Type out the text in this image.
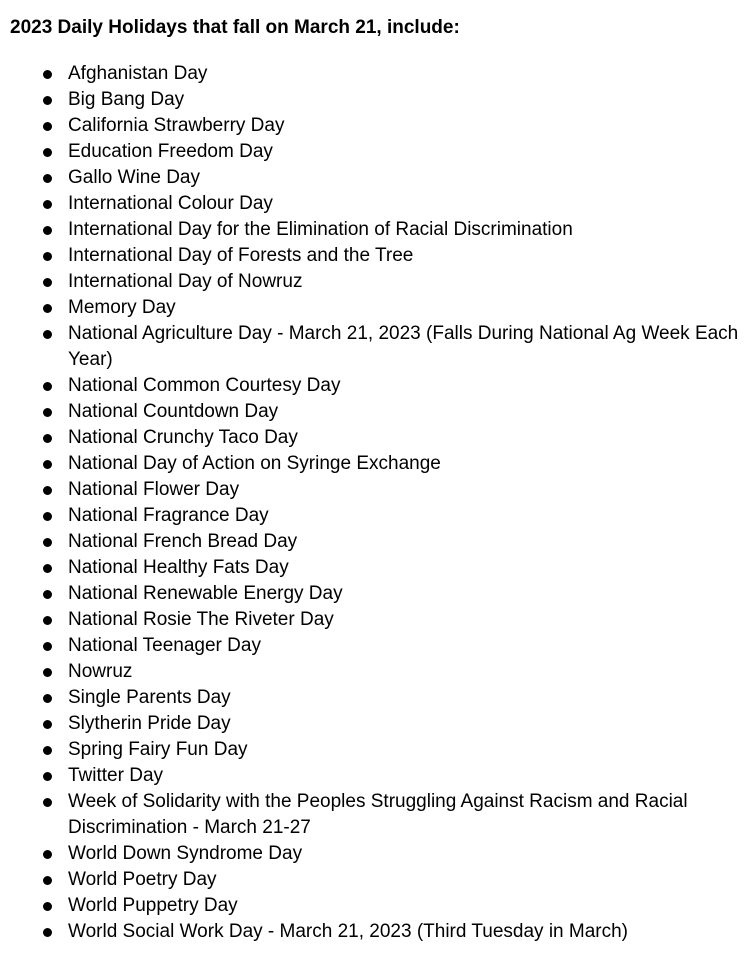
2023 Daily Holidays that fall on March 21, include:
Afghanistan Day
Big Bang Day
California Strawberry Day
Education Freedom Day
Gallo Wine Day
International Colour Day
International Day for the Elimination of Racial Discrimination
International Day of Forests and the Tree
International Day of Nowruz
Memory Day
National Agriculture Day - March 21, 2023 (Falls During National Ag Week Each Year)
National Common Courtesy Day
National Countdown Day
National Crunchy Taco Day
National Day of Action on Syringe Exchange
National Flower Day
National Fragrance Day
National French Bread Day
National Healthy Fats Day
National Renewable Energy Day
National Rosie The Riveter Day
National Teenager Day
Nowruz
Single Parents Day
Slytherin Pride Day
Spring Fairy Fun Day
Twitter Day
Week of Solidarity with the Peoples Struggling Against Racism and Racial Discrimination - March 21-27
World Down Syndrome Day
World Poetry Day
World Puppetry Day
World Social Work Day - March 21, 2023 (Third Tuesday in March)
